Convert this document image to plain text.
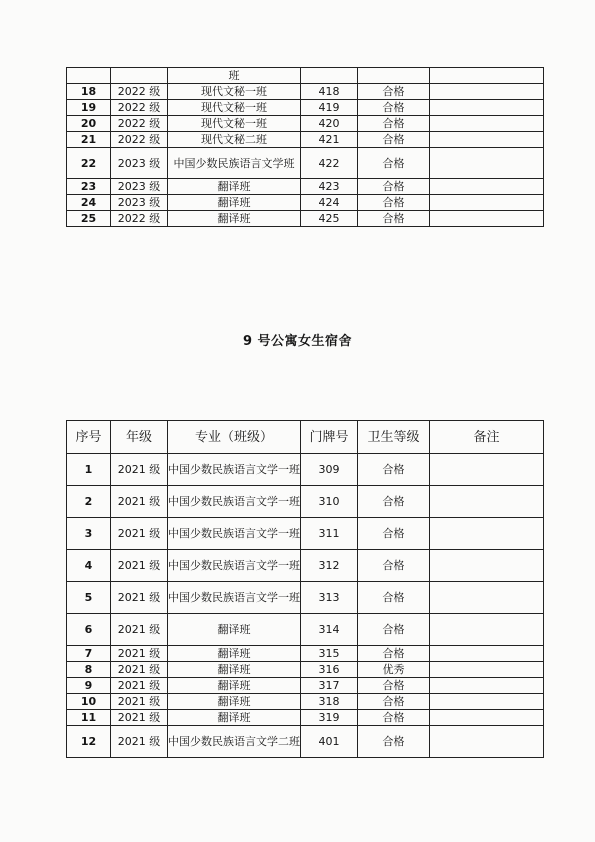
		班			
18	2022 级	现代文秘一班	418	合格	
19	2022 级	现代文秘一班	419	合格	
20	2022 级	现代文秘一班	420	合格	
21	2022 级	现代文秘二班	421	合格	
22	2023 级	中国少数民族语言文学班	422	合格	
23	2023 级	翻译班	423	合格	
24	2023 级	翻译班	424	合格	
25	2022 级	翻译班	425	合格	
9 号公寓女生宿舍
序号	年级	专业（班级）	门牌号	卫生等级	备注
1	2021 级	中国少数民族语言文学一班	309	合格	
2	2021 级	中国少数民族语言文学一班	310	合格	
3	2021 级	中国少数民族语言文学一班	311	合格	
4	2021 级	中国少数民族语言文学一班	312	合格	
5	2021 级	中国少数民族语言文学一班	313	合格	
6	2021 级	翻译班	314	合格	
7	2021 级	翻译班	315	合格	
8	2021 级	翻译班	316	优秀	
9	2021 级	翻译班	317	合格	
10	2021 级	翻译班	318	合格	
11	2021 级	翻译班	319	合格	
12	2021 级	中国少数民族语言文学二班	401	合格	
